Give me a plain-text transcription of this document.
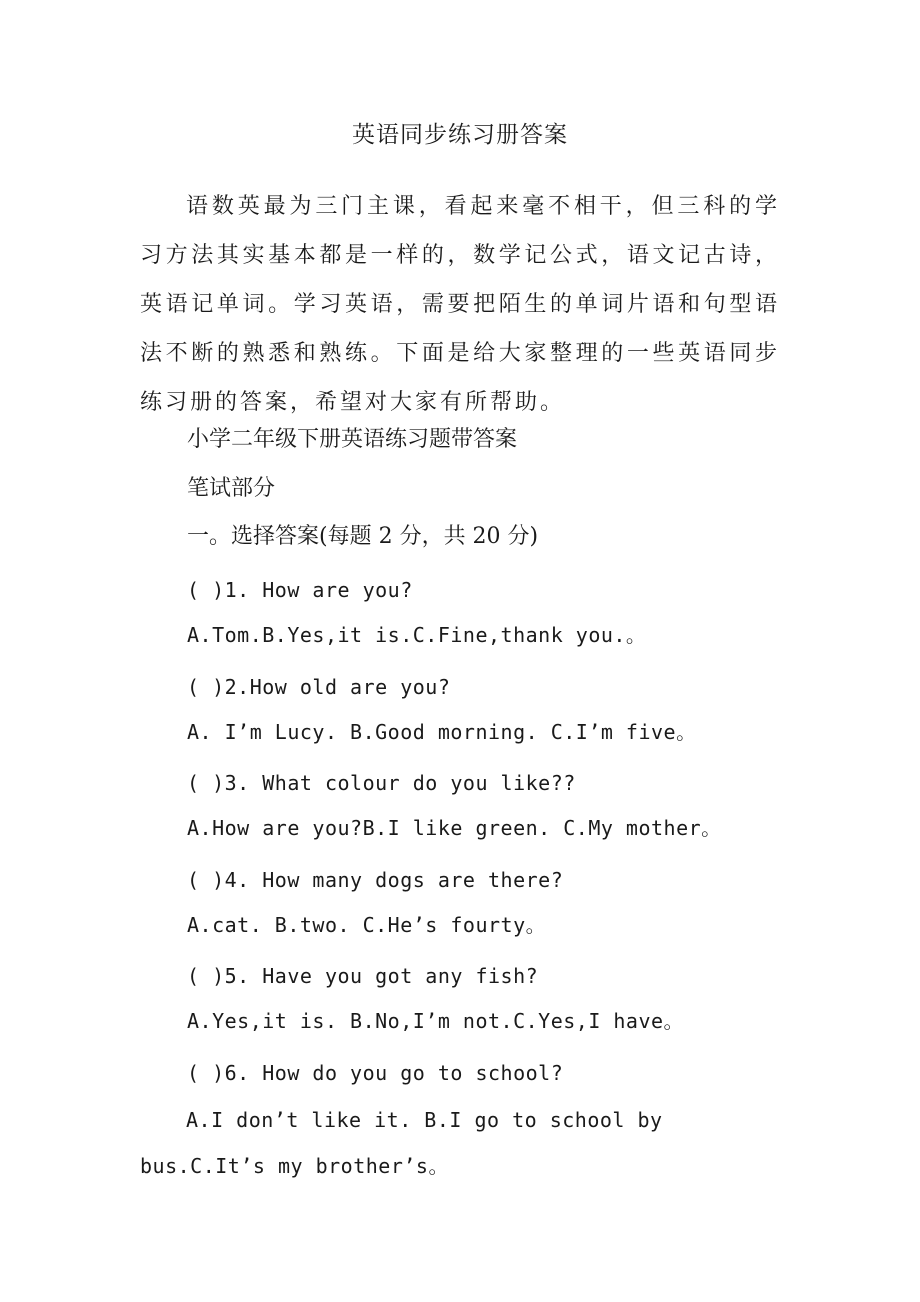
英语同步练习册答案

语数英最为三门主课，看起来毫不相干，但三科的学习方法其实基本都是一样的，数学记公式，语文记古诗，英语记单词。学习英语，需要把陌生的单词片语和句型语法不断的熟悉和熟练。下面是给大家整理的一些英语同步练习册的答案，希望对大家有所帮助。

小学二年级下册英语练习题带答案

笔试部分

一。选择答案(每题 2 分，共 20 分)

( )1. How are you?

A.Tom.B.Yes,it is.C.Fine,thank you.。

( )2.How old are you?

A. I’m Lucy. B.Good morning. C.I’m five。

( )3. What colour do you like??

A.How are you?B.I like green. C.My mother。

( )4. How many dogs are there?

A.cat. B.two. C.He’s fourty。

( )5. Have you got any fish?

A.Yes,it is. B.No,I’m not.C.Yes,I have。

( )6. How do you go to school?

A.I don’t like it. B.I go to school by bus.C.It’s my brother’s。
